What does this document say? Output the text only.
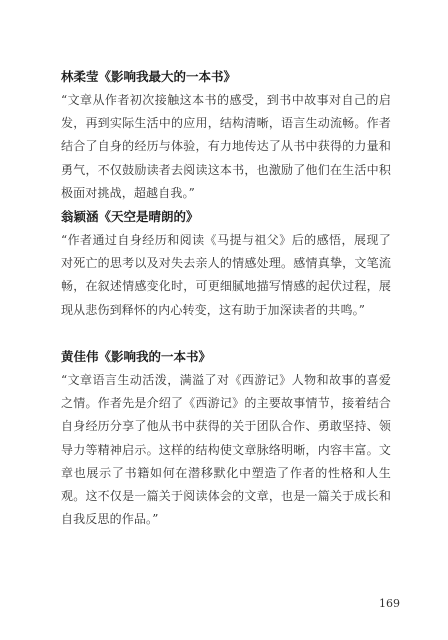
林柔莹《影响我最大的一本书》

“文章从作者初次接触这本书的感受，到书中故事对自己的启发，再到实际生活中的应用，结构清晰，语言生动流畅。作者结合了自身的经历与体验，有力地传达了从书中获得的力量和勇气，不仅鼓励读者去阅读这本书，也激励了他们在生活中积极面对挑战，超越自我。”

翁颖涵《天空是晴朗的》

“作者通过自身经历和阅读《马提与祖父》后的感悟，展现了对死亡的思考以及对失去亲人的情感处理。感情真挚，文笔流畅，在叙述情感变化时，可更细腻地描写情感的起伏过程，展现从悲伤到释怀的内心转变，这有助于加深读者的共鸣。”

黄佳伟《影响我的一本书》

“文章语言生动活泼，满溢了对《西游记》人物和故事的喜爱之情。作者先是介绍了《西游记》的主要故事情节，接着结合自身经历分享了他从书中获得的关于团队合作、勇敢坚持、领导力等精神启示。这样的结构使文章脉络明晰，内容丰富。文章也展示了书籍如何在潜移默化中塑造了作者的性格和人生观。这不仅是一篇关于阅读体会的文章，也是一篇关于成长和自我反思的作品。”

169
